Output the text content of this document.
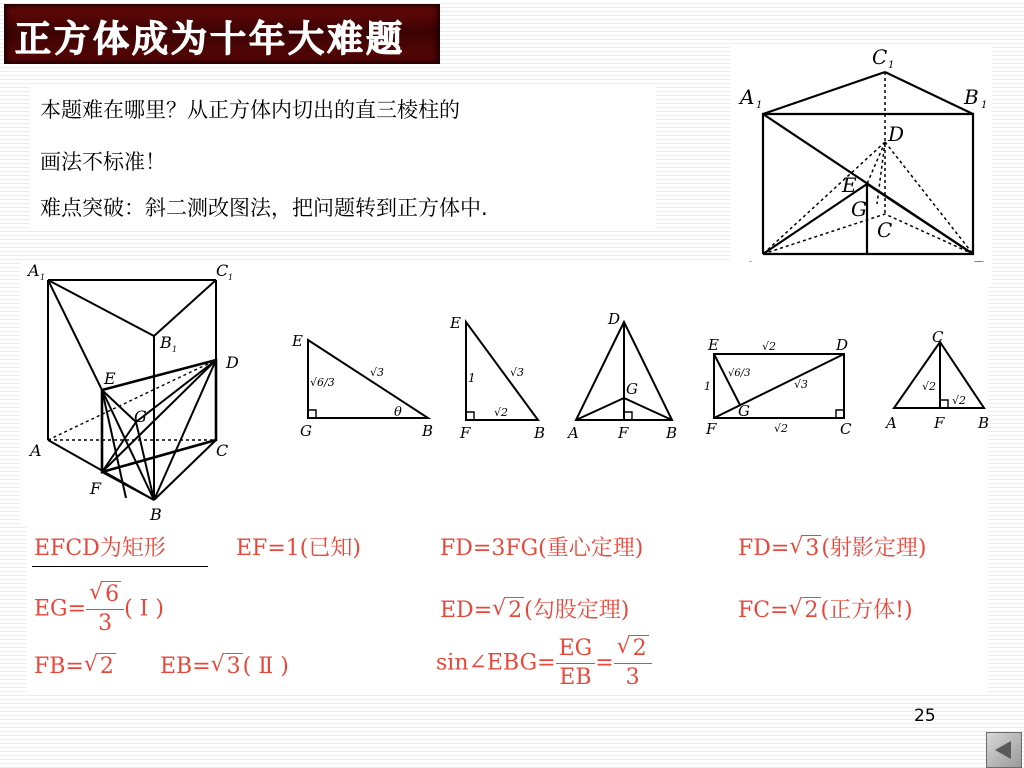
正方体成为十年大难题
本题难在哪里？从正方体内切出的直三棱柱的
画法不标准！
难点突破：斜二测改图法，把问题转到正方体中.
C 1
A 1	B 1
D
E
G
C
A 1	C 1
B 1
D
E
G
A	C
F
B
E
G	B
θ
√6/3
√3
E
F	B
1	√3
√2
D
G
A	F	B
E	D
F	C
G
√2
√2
1	√3
√6/3
C
A F B
√2
√2
EFCD为矩形	EF=1(已知)	FD=3FG(重心定理)	FD= √ 3(射影定理)
EG= √ $\frac{6}{3}$ ( Ⅰ )	ED= √ 2(勾股定理)	FC= √ 2(正方体!)
FB= √ 2 EB= √ 3( Ⅱ )	sin∠EBG= $\frac{EG}{EB}$ = √ $\frac{2}{3}$
25
